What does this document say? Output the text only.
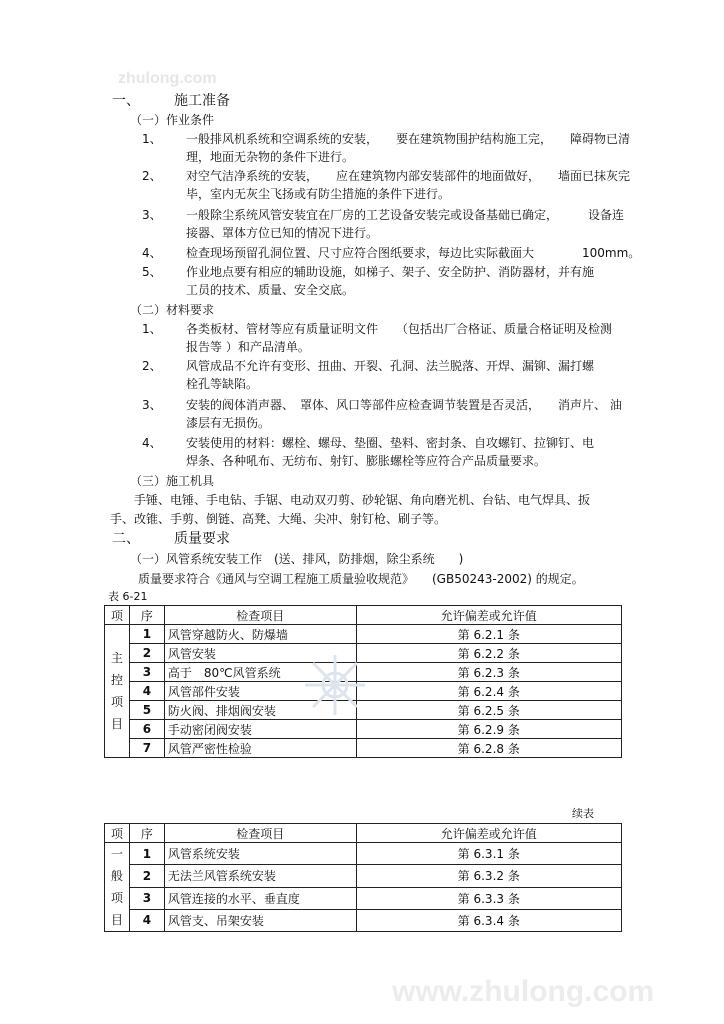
zhulong.com
www.zhulong.com
一、 施工准备
（一）作业条件
1、 一般排风机系统和空调系统的安装，　　要在建筑物围护结构施工完，　　障碍物已清
理，地面无杂物的条件下进行。
2、 对空气洁净系统的安装，　　应在建筑物内部安装部件的地面做好，　　墙面已抹灰完
毕，室内无灰尘飞扬或有防尘措施的条件下进行。
3、 一般除尘系统风管安装宜在厂房的工艺设备安装完或设备基础已确定，　　　设备连
接器、罩体方位已知的情况下进行。
4、 检查现场预留孔洞位置、尺寸应符合图纸要求，每边比实际截面大　　　　100mm。
5、 作业地点要有相应的辅助设施，如梯子、架子、安全防护、消防器材，并有施
工员的技术、质量、安全交底。
（二）材料要求
1、 各类板材、管材等应有质量证明文件　　（包括出厂合格证、质量合格证明及检测
报告等 ）和产品清单。
2、 风管成品不允许有变形、扭曲、开裂、孔洞、法兰脱落、开焊、漏铆、漏打螺
栓孔等缺陷。
3、 安装的阀体消声器、　罩体、风口等部件应检查调节装置是否灵活，　　消声片、 油
漆层有无损伤。
4、 安装使用的材料：螺栓、螺母、垫圈、垫料、密封条、自攻螺钉、拉铆钉、电
焊条、各种吼布、无纺布、射钉、膨胀螺栓等应符合产品质量要求。
（三）施工机具
手锤、电锤、手电钻、手锯、电动双刃剪、砂轮锯、角向磨光机、台钻、电气焊具、扳
手、改锥、手剪、倒链、高凳、大绳、尖冲、射钉枪、刷子等。
二、 质量要求
（一）风管系统安装工作　(送、排风，防排烟，除尘系统　　)
质量要求符合《通风与空调工程施工质量验收规范》　　(GB50243-2002) 的规定。
表 6-21
项	序	检查项目	允许偏差或允许值

主
控
项
目	1	风管穿越防火、防爆墙	第 6.2.1 条
	2	风管安装	第 6.2.2 条
	3	高于　80℃风管系统	第 6.2.3 条
	4	风管部件安装	第 6.2.4 条
	5	防火阀、排烟阀安装	第 6.2.5 条
	6	手动密闭阀安装	第 6.2.9 条
	7	风管严密性检验	第 6.2.8 条
续表
项	序	检查项目	允许偏差或允许值

一
般
项
目	1	风管系统安装	第 6.3.1 条
	2	无法兰风管系统安装	第 6.3.2 条
	3	风管连接的水平、垂直度	第 6.3.3 条
	4	风管支、吊架安装	第 6.3.4 条
